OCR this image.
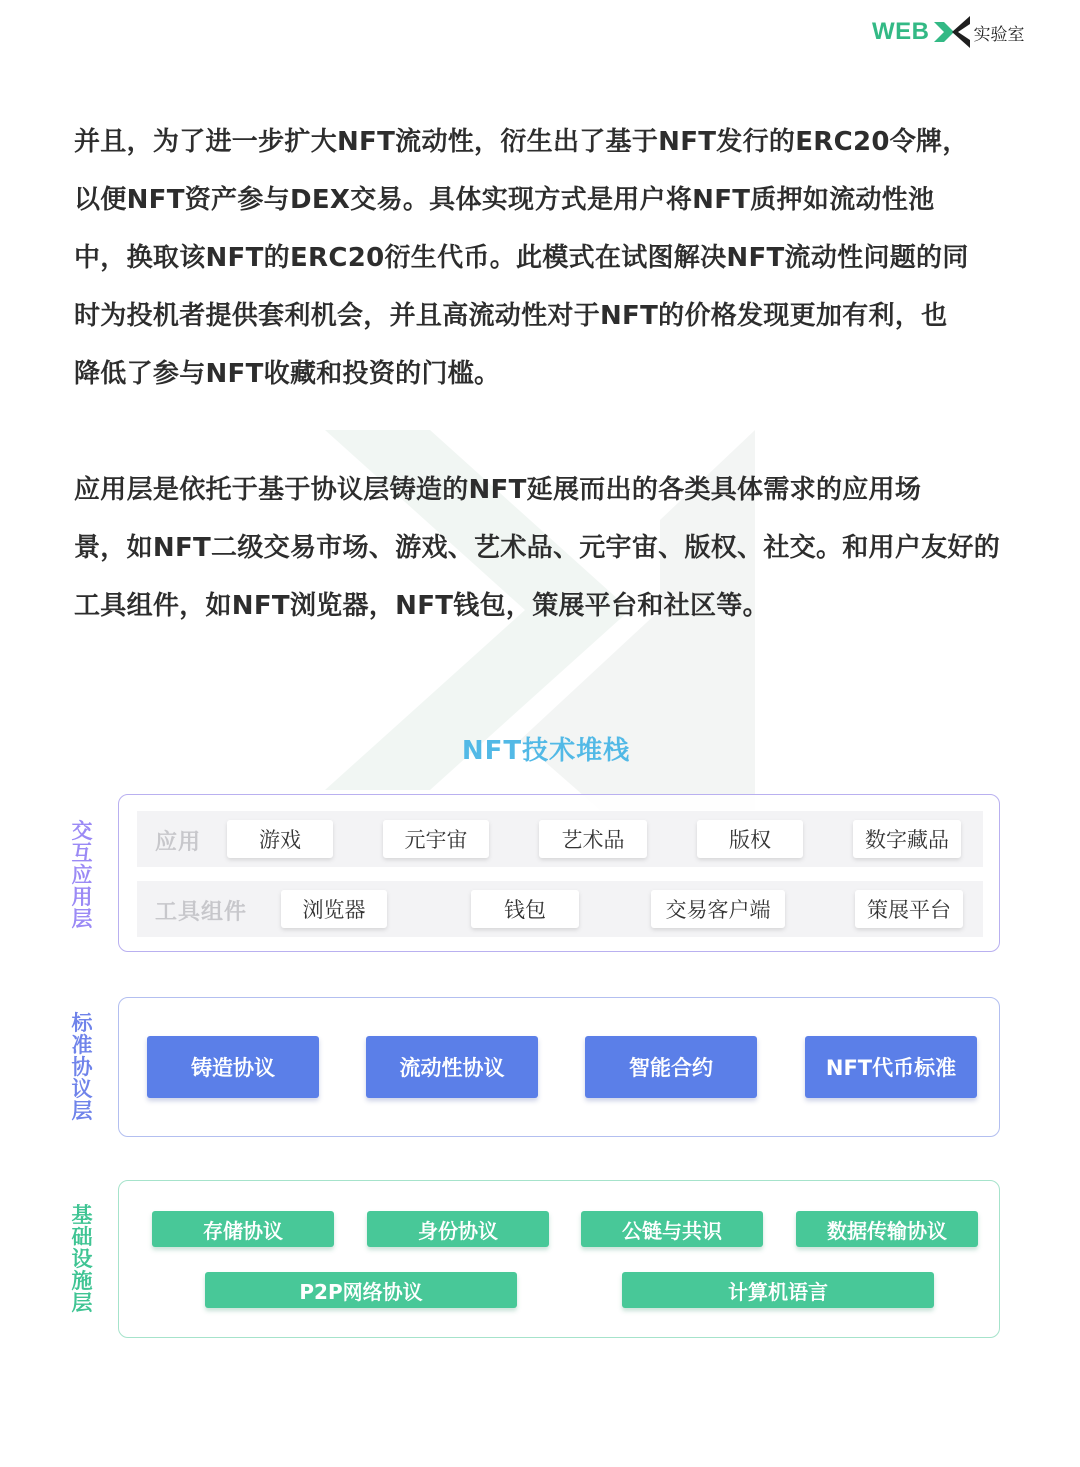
WEB	实验室

并且，为了进一步扩大NFT流动性，衍生出了基于NFT发行的ERC20令牌，
以便NFT资产参与DEX交易。具体实现方式是用户将NFT质押如流动性池
中，换取该NFT的ERC20衍生代币。此模式在试图解决NFT流动性问题的同
时为投机者提供套利机会，并且高流动性对于NFT的价格发现更加有利，也
降低了参与NFT收藏和投资的门槛。

应用层是依托于基于协议层铸造的NFT延展而出的各类具体需求的应用场
景，如NFT二级交易市场、游戏、艺术品、元宇宙、版权、社交。和用户友好的
工具组件，如NFT浏览器，NFT钱包，策展平台和社区等。

NFT技术堆栈
交
互
应
用
层
应用	游戏	元宇宙	艺术品	版权	数字藏品
工具组件	浏览器	钱包	交易客户端	策展平台
标
准
协
议
层
铸造协议	流动性协议	智能合约	NFT代币标准
基
础
设
施
层
存储协议	身份协议	公链与共识	数据传输协议
P2P网络协议	计算机语言
